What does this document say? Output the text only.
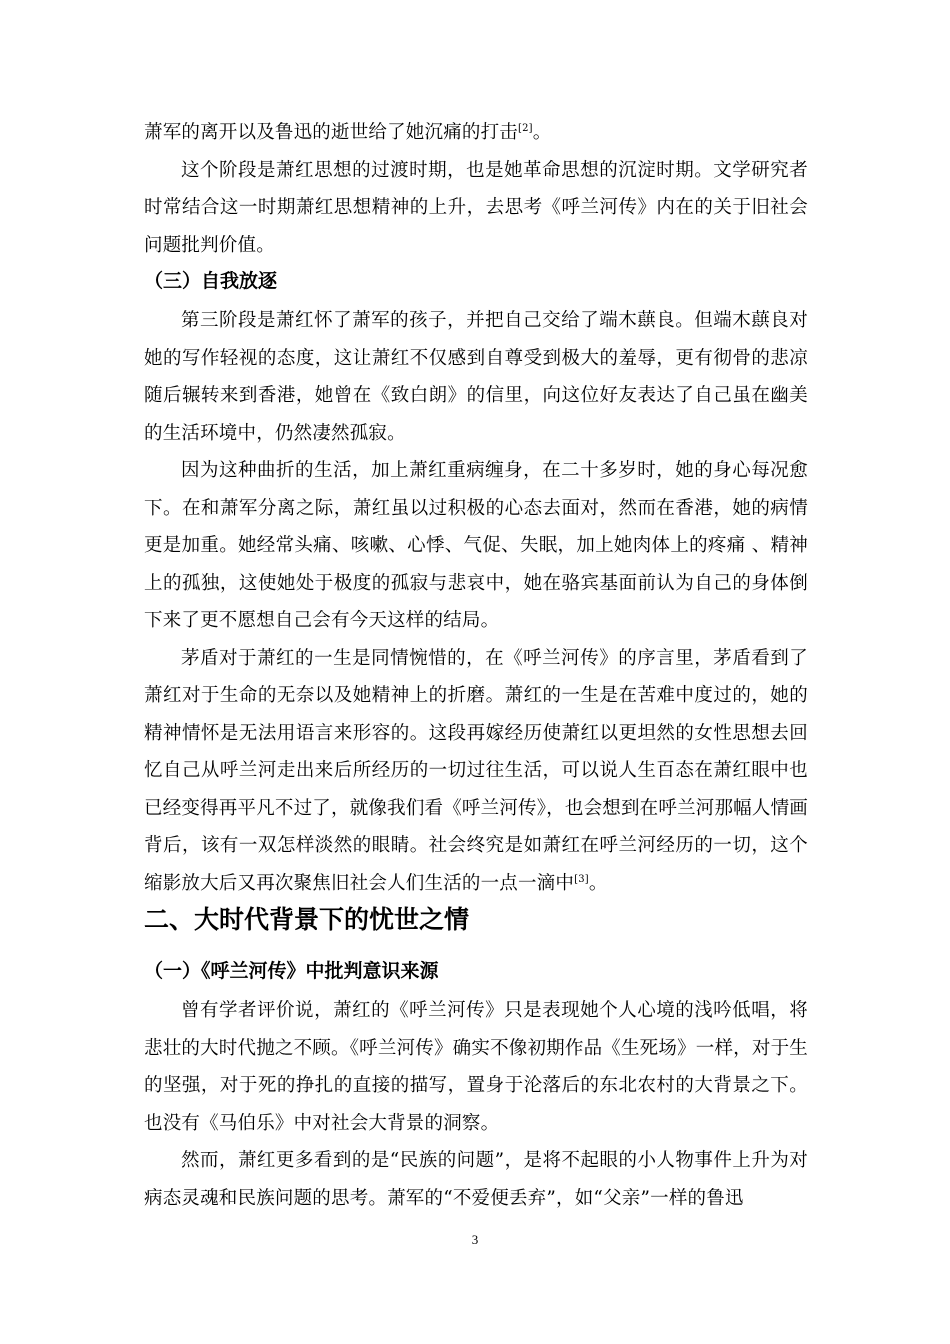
萧军的离开以及鲁迅的逝世给了她沉痛的打击[2]。

这个阶段是萧红思想的过渡时期，也是她革命思想的沉淀时期。文学研究者时常结合这一时期萧红思想精神的上升，去思考《呼兰河传》内在的关于旧社会问题批判价值。

（三）自我放逐

第三阶段是萧红怀了萧军的孩子，并把自己交给了端木蕻良。但端木蕻良对她的写作轻视的态度，这让萧红不仅感到自尊受到极大的羞辱，更有彻骨的悲凉随后辗转来到香港，她曾在《致白朗》的信里，向这位好友表达了自己虽在幽美的生活环境中，仍然凄然孤寂。

因为这种曲折的生活，加上萧红重病缠身，在二十多岁时，她的身心每况愈下。在和萧军分离之际，萧红虽以过积极的心态去面对，然而在香港，她的病情更是加重。她经常头痛、咳嗽、心悸、气促、失眠，加上她肉体上的疼痛 、精神上的孤独，这使她处于极度的孤寂与悲哀中，她在骆宾基面前认为自己的身体倒下来了更不愿想自己会有今天这样的结局。

茅盾对于萧红的一生是同情惋惜的，在《呼兰河传》的序言里，茅盾看到了萧红对于生命的无奈以及她精神上的折磨。萧红的一生是在苦难中度过的，她的精神情怀是无法用语言来形容的。这段再嫁经历使萧红以更坦然的女性思想去回忆自己从呼兰河走出来后所经历的一切过往生活，可以说人生百态在萧红眼中也已经变得再平凡不过了，就像我们看《呼兰河传》，也会想到在呼兰河那幅人情画背后，该有一双怎样淡然的眼睛。社会终究是如萧红在呼兰河经历的一切，这个缩影放大后又再次聚焦旧社会人们生活的一点一滴中[3]。

二、大时代背景下的忧世之情
（一）《呼兰河传》中批判意识来源

曾有学者评价说，萧红的《呼兰河传》只是表现她个人心境的浅吟低唱，将悲壮的大时代抛之不顾。《呼兰河传》确实不像初期作品《生死场》一样，对于生的坚强，对于死的挣扎的直接的描写，置身于沦落后的东北农村的大背景之下。也没有《马伯乐》中对社会大背景的洞察。

然而，萧红更多看到的是“民族的问题”，是将不起眼的小人物事件上升为对病态灵魂和民族问题的思考。萧军的“不爱便丢弃”，如“父亲”一样的鲁迅

3
